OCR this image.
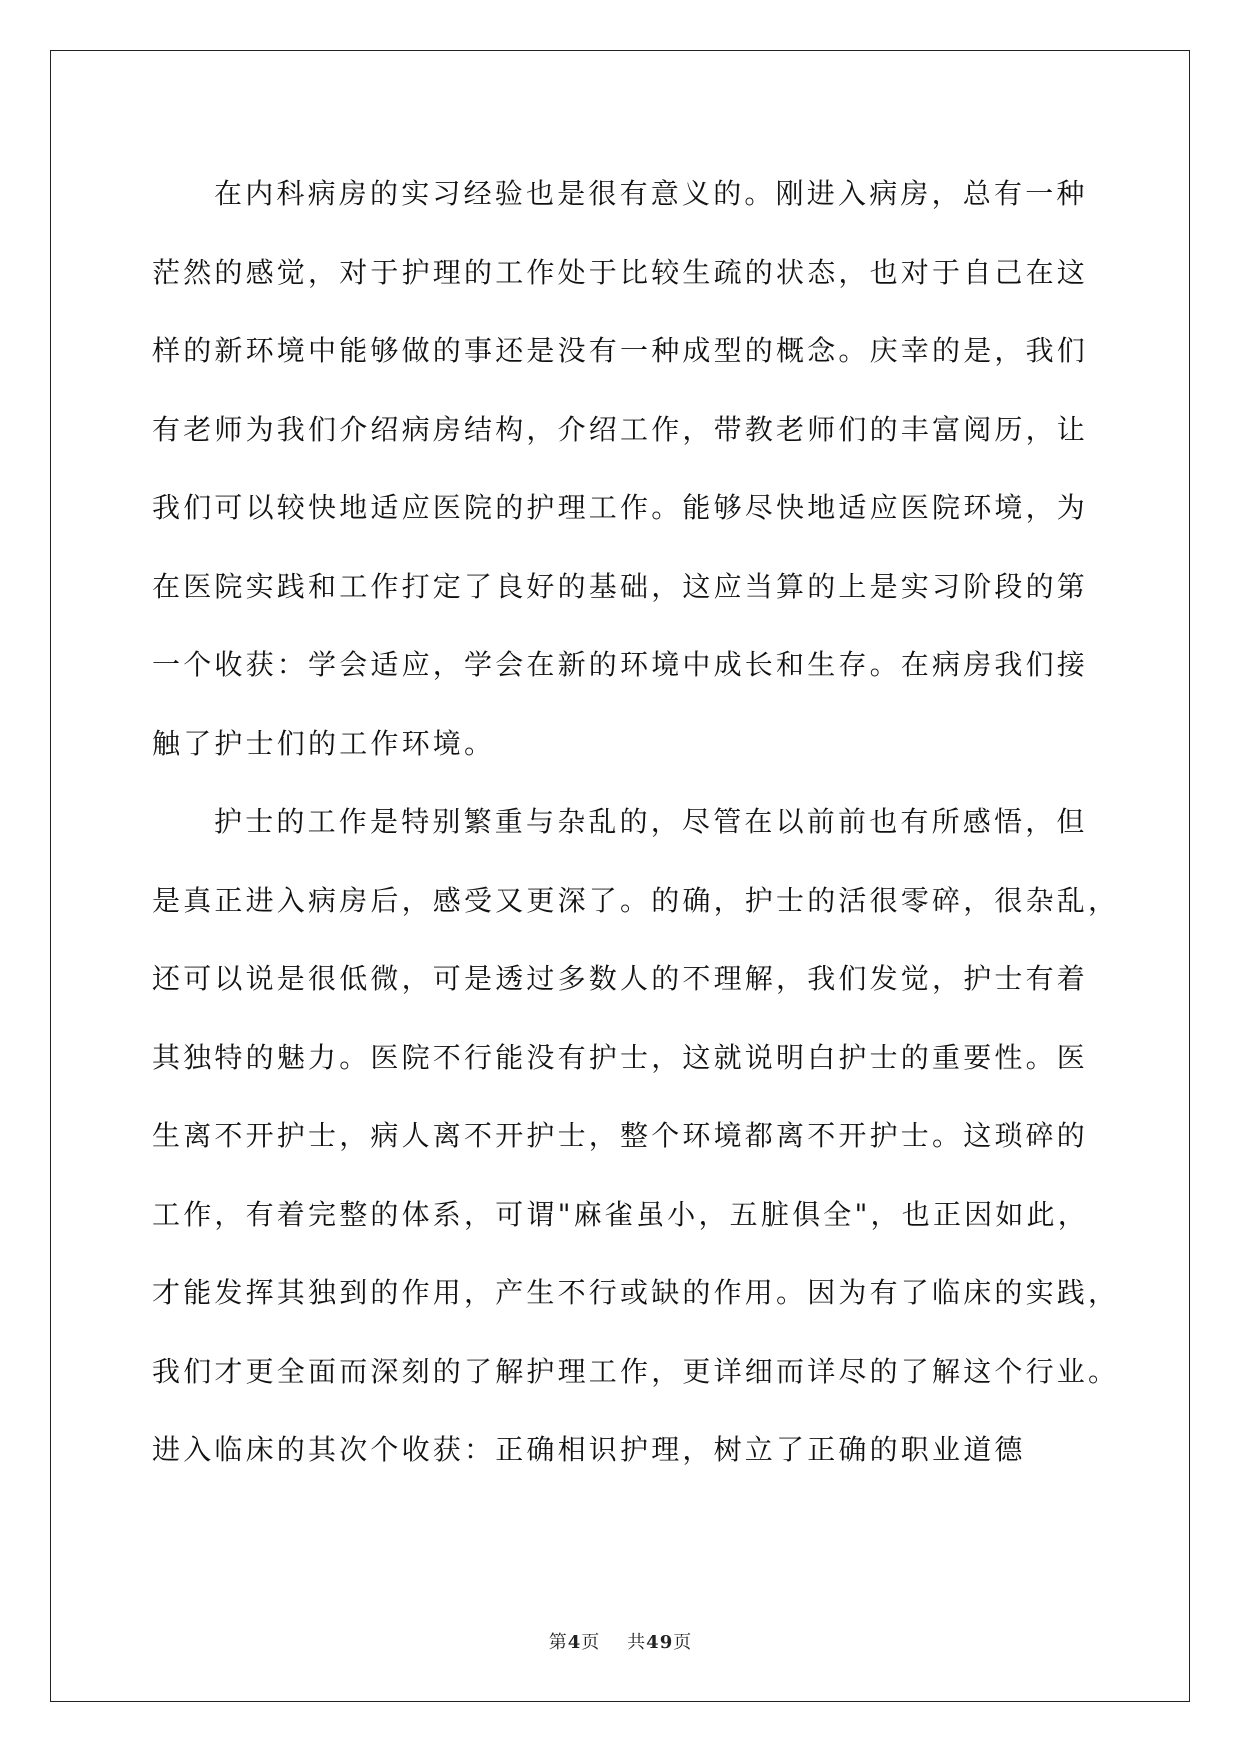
在内科病房的实习经验也是很有意义的。刚进入病房，总有一种
茫然的感觉，对于护理的工作处于比较生疏的状态，也对于自己在这
样的新环境中能够做的事还是没有一种成型的概念。庆幸的是，我们
有老师为我们介绍病房结构，介绍工作，带教老师们的丰富阅历，让
我们可以较快地适应医院的护理工作。能够尽快地适应医院环境，为
在医院实践和工作打定了良好的基础，这应当算的上是实习阶段的第
一个收获：学会适应，学会在新的环境中成长和生存。在病房我们接
触了护士们的工作环境。
护士的工作是特别繁重与杂乱的，尽管在以前前也有所感悟，但
是真正进入病房后，感受又更深了。的确，护士的活很零碎，很杂乱，
还可以说是很低微，可是透过多数人的不理解，我们发觉，护士有着
其独特的魅力。医院不行能没有护士，这就说明白护士的重要性。医
生离不开护士，病人离不开护士，整个环境都离不开护士。这琐碎的
工作，有着完整的体系，可谓"麻雀虽小，五脏俱全"，也正因如此，
才能发挥其独到的作用，产生不行或缺的作用。因为有了临床的实践，
我们才更全面而深刻的了解护理工作，更详细而详尽的了解这个行业。
进入临床的其次个收获：正确相识护理，树立了正确的职业道德
第4页 共49页
